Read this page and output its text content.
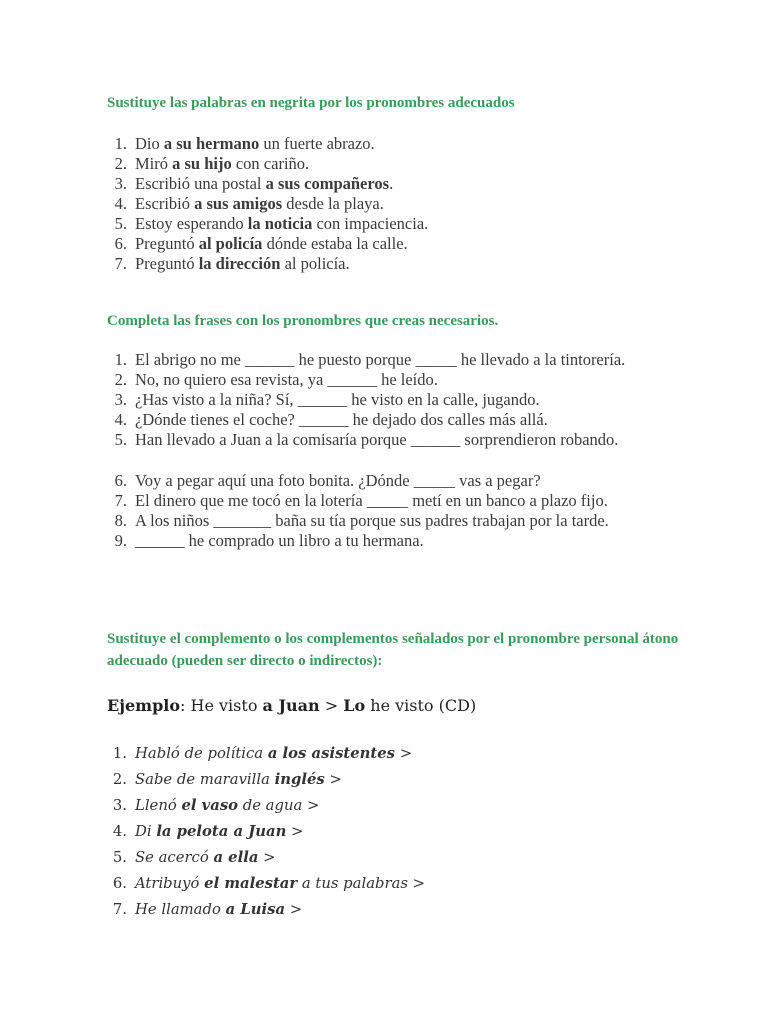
Sustituye las palabras en negrita por los pronombres adecuados

1 . Dio a su hermano un fuerte abrazo.
2 . Miró a su hijo con cariño.
3 . Escribió una postal a sus compañeros.
4 . Escribió a sus amigos desde la playa.
5 . Estoy esperando la noticia con impaciencia.
6 . Preguntó al policía dónde estaba la calle.
7 . Preguntó la dirección al policía.

Completa las frases con los pronombres que creas necesarios.

1 . El abrigo no me ______ he puesto porque _____ he llevado a la tintorería.
2 . No, no quiero esa revista, ya ______ he leído.
3 . ¿Has visto a la niña? Sí, ______ he visto en la calle, jugando.
4 . ¿Dónde tienes el coche? ______ he dejado dos calles más allá.
5 . Han llevado a Juan a la comisaría porque ______ sorprendieron robando.
6 . Voy a pegar aquí una foto bonita. ¿Dónde _____ vas a pegar?
7 . El dinero que me tocó en la lotería _____ metí en un banco a plazo fijo.
8 . A los niños _______ baña su tía porque sus padres trabajan por la tarde.
9 . ______ he comprado un libro a tu hermana.

Sustituye el complemento o los complementos señalados por el pronombre personal átono adecuado (pueden ser directo o indirectos):

Ejemplo: He visto a Juan > Lo he visto (CD)
1 . Habló de política a los asistentes >
2 . Sabe de maravilla inglés >
3 . Llenó el vaso de agua >
4 . Di la pelota a Juan >
5 . Se acercó a ella >
6 . Atribuyó el malestar a tus palabras >
7 . He llamado a Luisa >
